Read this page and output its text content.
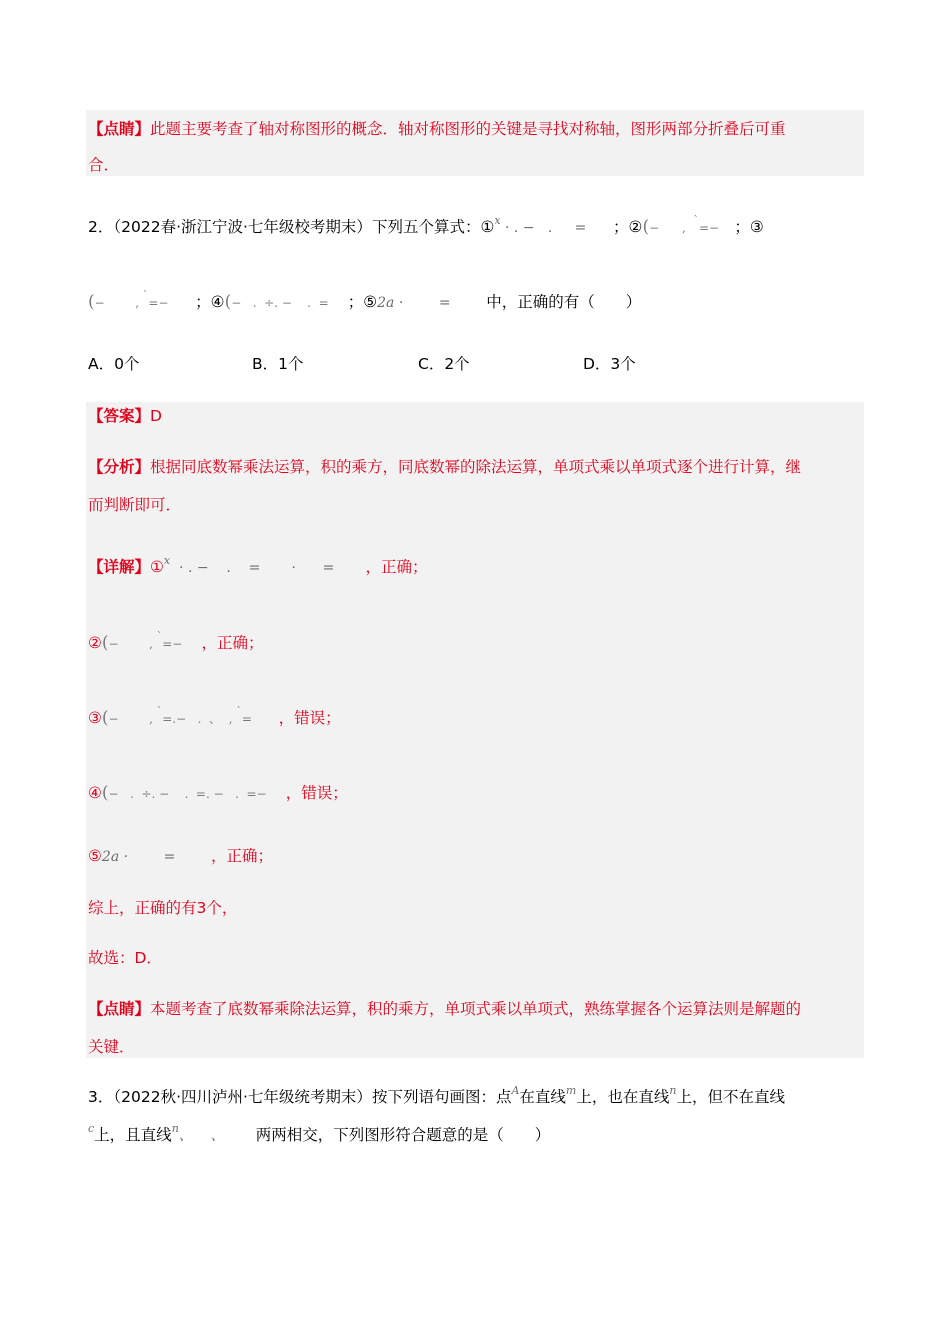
【点睛】此题主要考查了轴对称图形的概念．轴对称图形的关键是寻找对称轴，图形两部分折叠后可重
合．
2．（2022春·浙江宁波·七年级校考期末）下列五个算式：①$^x$ · . −   .     =      ；②(−      ,  `=−    ；③
(−        , `=−       ；④(−   .  ÷. −    .  =     ；⑤2a ·        =        中，正确的有（　　）
A．0个	B．1个	C．2个	D．3个
【答案】D
【分析】根据同底数幂乘法运算，积的乘方，同底数幂的除法运算，单项式乘以单项式逐个进行计算，继
而判断即可．
【详解】①$^x$  · . −    .    =       ·      =       ，正确；
②(−        , `=−     ，正确；
③(−        , `=.−   .  、  , `=       ，错误；
④(−   .  ÷. −    .  =. −   .  =−     ，错误；
⑤2a ·        =        ，正确；
综上，正确的有3个，
故选：D．
【点睛】本题考查了底数幂乘除法运算，积的乘方，单项式乘以单项式，熟练掌握各个运算法则是解题的
关键．
3．（2022秋·四川泸州·七年级统考期末）按下列语句画图：点$^A$在直线$^m$上，也在直线$^n$上，但不在直线
$^c$上，且直线$^n$、    、       两两相交，下列图形符合题意的是（　　）
